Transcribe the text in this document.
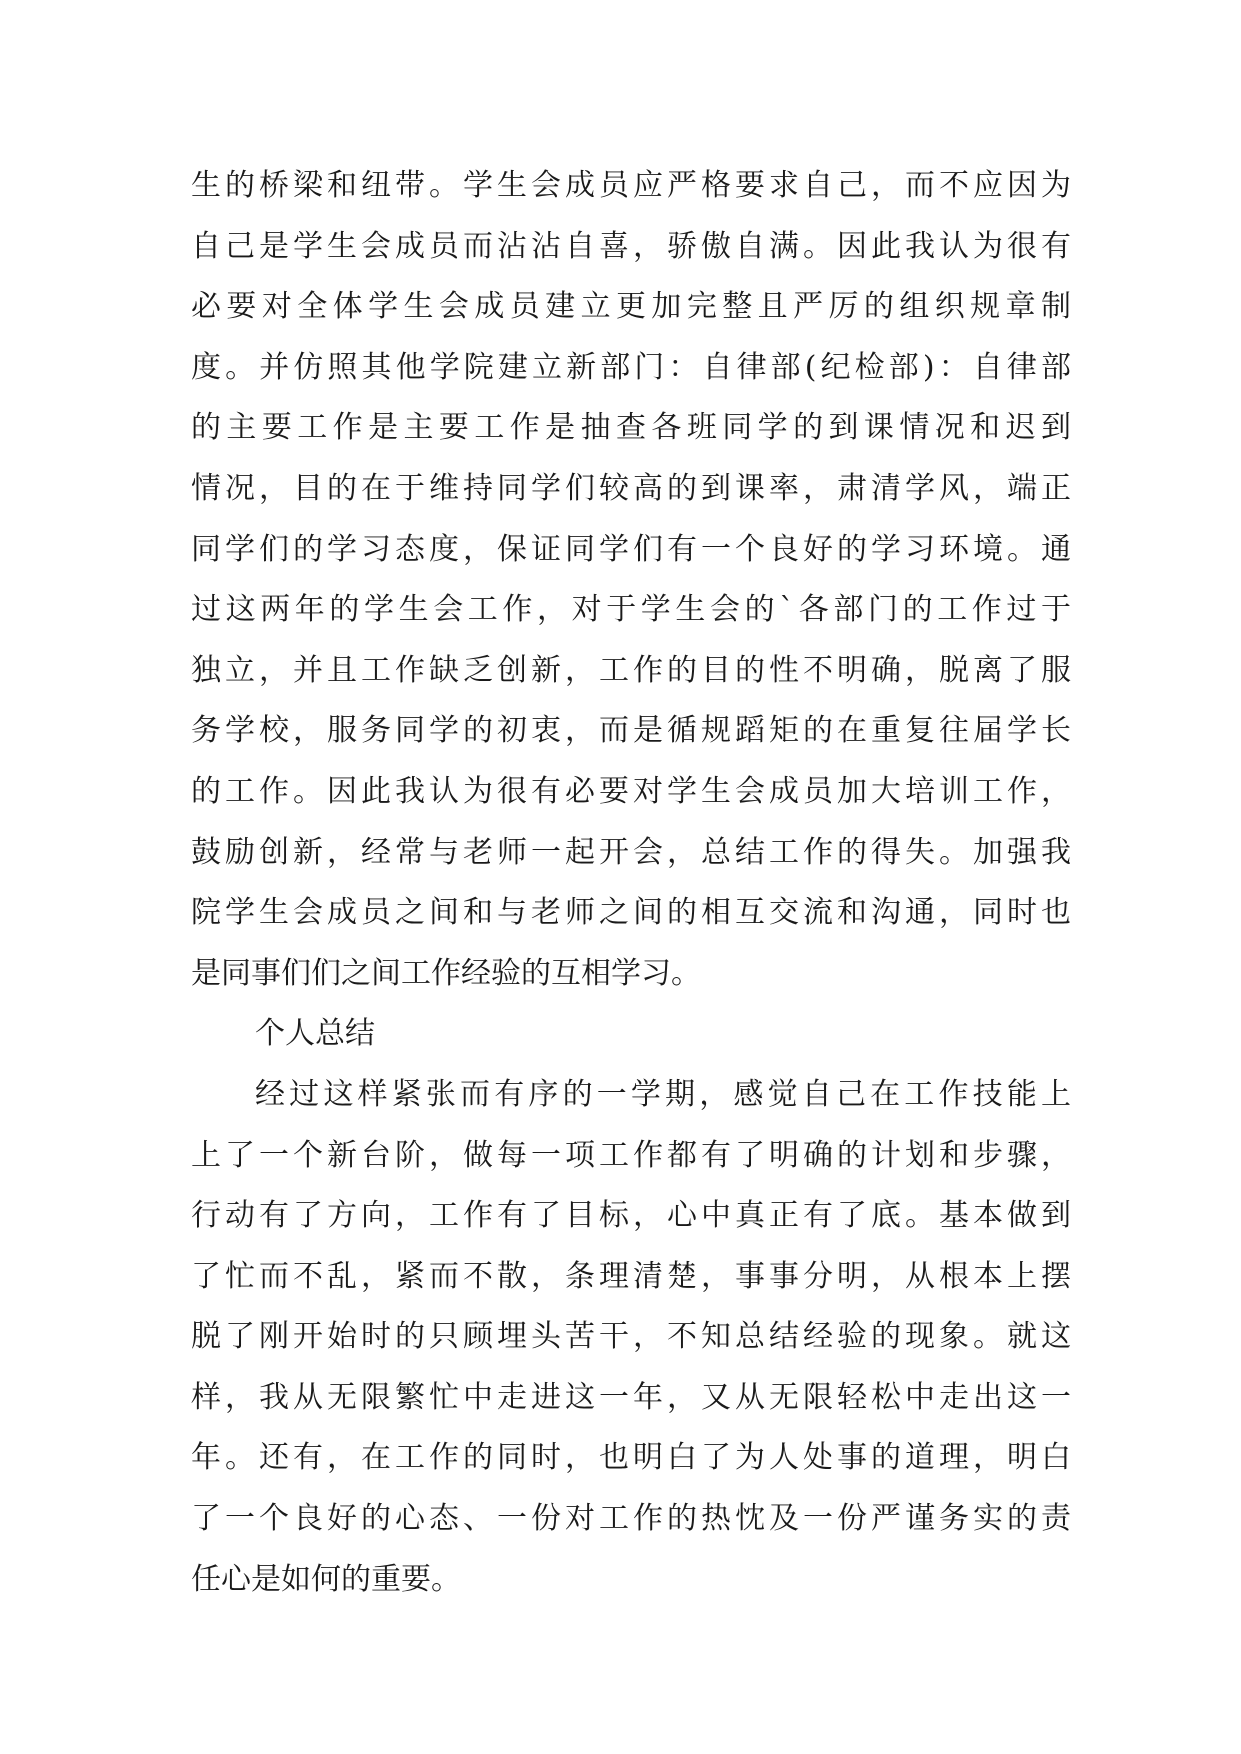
生的桥梁和纽带。学生会成员应严格要求自己，而不应因为
自己是学生会成员而沾沾自喜，骄傲自满。因此我认为很有
必要对全体学生会成员建立更加完整且严厉的组织规章制
度。并仿照其他学院建立新部门：自律部(纪检部)：自律部
的主要工作是主要工作是抽查各班同学的到课情况和迟到
情况，目的在于维持同学们较高的到课率，肃清学风，端正
同学们的学习态度，保证同学们有一个良好的学习环境。通
过这两年的学生会工作，对于学生会的`各部门的工作过于
独立，并且工作缺乏创新，工作的目的性不明确，脱离了服
务学校，服务同学的初衷，而是循规蹈矩的在重复往届学长
的工作。因此我认为很有必要对学生会成员加大培训工作，
鼓励创新，经常与老师一起开会，总结工作的得失。加强我
院学生会成员之间和与老师之间的相互交流和沟通，同时也
是同事们们之间工作经验的互相学习。
个人总结
经过这样紧张而有序的一学期，感觉自己在工作技能上
上了一个新台阶，做每一项工作都有了明确的计划和步骤，
行动有了方向，工作有了目标，心中真正有了底。基本做到
了忙而不乱，紧而不散，条理清楚，事事分明，从根本上摆
脱了刚开始时的只顾埋头苦干，不知总结经验的现象。就这
样，我从无限繁忙中走进这一年，又从无限轻松中走出这一
年。还有，在工作的同时，也明白了为人处事的道理，明白
了一个良好的心态、一份对工作的热忱及一份严谨务实的责
任心是如何的重要。
